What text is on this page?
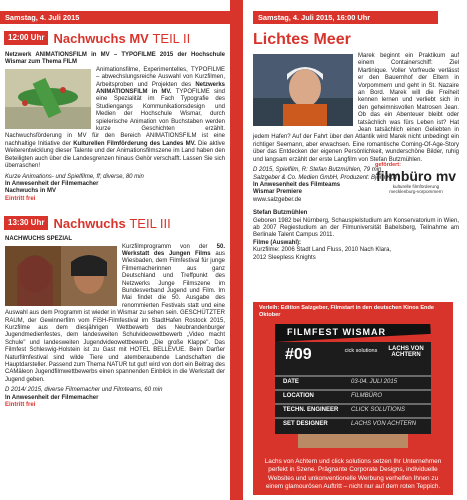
Samstag, 4. Juli 2015
12:00 Uhr Nachwuchs MV TEIL II
Netzwerk ANIMATIONSFILM in MV – TYPOFILME 2015 der Hochschule Wismar zum Thema FILM
Animationsfilme, Experimentelles, TYPOFILME – abwechslungsreiche Auswahl von Kurzfilmen, Arbeitsproben und Projekten des Netzwerks ANIMATIONSFILM in MV. TYPOFILME sind eine Spezialität im Fach Typografie des Studiengangs Kommunikationsdesign und Medien der Hochschule Wismar, durch spielerische Animation von Buchstaben werden kurze Geschichten erzählt. Nachwuchsförderung in MV für den Bereich ANIMATIONSFILM ist eine nachhaltige Initiative der Kulturellen Filmförderung des Landes MV. Die aktive Weiterentwicklung dieser Talente und der Animationsfilmszene im Land haben den Beteiligten auch über die Landesgrenzen hinaus Gehör verschafft. Lassen Sie sich überraschen!
Kurze Animations- und Spielfilme, ff; diverse, 80 min
In Anwesenheit der Filmemacher
Nachwuchs in MV
Eintritt frei
13:30 Uhr Nachwuchs TEIL III
NACHWUCHS SPEZIAL
Kurzfilmprogramm von der 50. Werkstatt des Jungen Films aus Wiesbaden, dem Filmfestival für junge Filmemacherinnen aus ganz Deutschland und Treffpunkt des Netzwerks Junge Filmszene im Bundesverband Jugend und Film. Im Mai findet die 50. Ausgabe des renommierten Festivals statt und eine Auswahl aus dem Programm ist wieder in Wismar zu sehen sein. GESCHÜTZTER RAUM, der Gewinnerfilm vom FiSH-Filmfestival im StadtHafen Rostock 2015, Kurzfilme aus dem diesjährigen Wettbewerb des Neubrandenburger Jugendmedienfestes, dem landesweiten Schulvideowettbewerb „Video macht Schule" und landesweiten Jugendvideowettbewerb „Die große Klappe". Das Filmfest Schleswig-Holstein ist zu Gast mit HOTEL BELLEVUE. Beim Darßer Naturfilmfestival sind wilde Tiere und atemberaubende Landschaften die Hauptdarsteller. Passend zum Thema NATUR tut gut! wird von dort ein Beitrag des CAMäleon Jugendfilmwettbewerbs einen spannenden Einblick in die Werkstatt der Jugend geben.
D 2014/ 2015, diverse Filmemacher und Filmteams, 60 min
In Anwesenheit der Filmemacher
Eintritt frei
Samstag, 4. Juli 2015, 16:00 Uhr
Lichtes Meer
Marek beginnt ein Praktikum auf einem Containerschiff: Ziel Martinique. Voller Vorfreude verlässt er den Bauernhof der Eltern in Vorpommern und geht in St. Nazaire an Bord. Marek will die Freiheit kennen lernen und verliebt sich in den geheimnisvollen Matrosen Jean. Ob das ein Abenteuer bleibt oder tatsächlich was fürs Leben ist? Hat Jean tatsächlich einen Geliebten in jedem Hafen? Auf der Fahrt über den Atlantik wird Marek nicht unbedingt ein richtiger Seemann, aber erwachsen. Eine romantische Coming-Of-Age-Story über das Entdecken der eigenen Persönlichkeit, wunderschöne Bilder, ruhig und langsam erzählt der erste Langfilm von Stefan Butzmühlen.
D 2015, Spielfilm, R: Stefan Butzmühlen, 79 min
Salzgeber & Co. Medien GmbH, Produzent: Björn Koll
In Anwesenheit des Filmteams
Wismar Premiere
www.salzgeber.de
gefördert:
filmbüro mv
kulturelle filmförderung
mecklenburg-vorpommern
Stefan Butzmühlen
Geboren 1982 bei Nürnberg, Schauspielstudium am Konservatorium in Wien, ab 2007 Regiestudium an der Filmuniversität Babelsberg, Teilnahme am Berlinale Talent Campus 2011.
Filme (Auswahl):
Kurzfilme: 2006 Stadt Land Fluss, 2010 Nach Klara,
2012 Sleepless Knights
Verleih: Edition Salzgeber, Filmstart in den deutschen Kinos Ende Oktober
FILMFEST WISMAR
#09	cick solutions	LACHS VON ACHTERN
DATE	03-04. JULI 2015
LOCATION	FILMBÜRO
TECHN. ENGINEER CLICK SOLUTIONS
SET DESIGNER	LACHS VON ACHTERN
Lachs von Achtern und click solutions setzen Ihr Unternehmen perfekt in Szene. Prägnante Corporate Designs, individuelle Websites und unkonventionelle Werbung verhelfen Ihnen zu einem glamourösen Auftritt – nicht nur auf dem roten Teppich.
